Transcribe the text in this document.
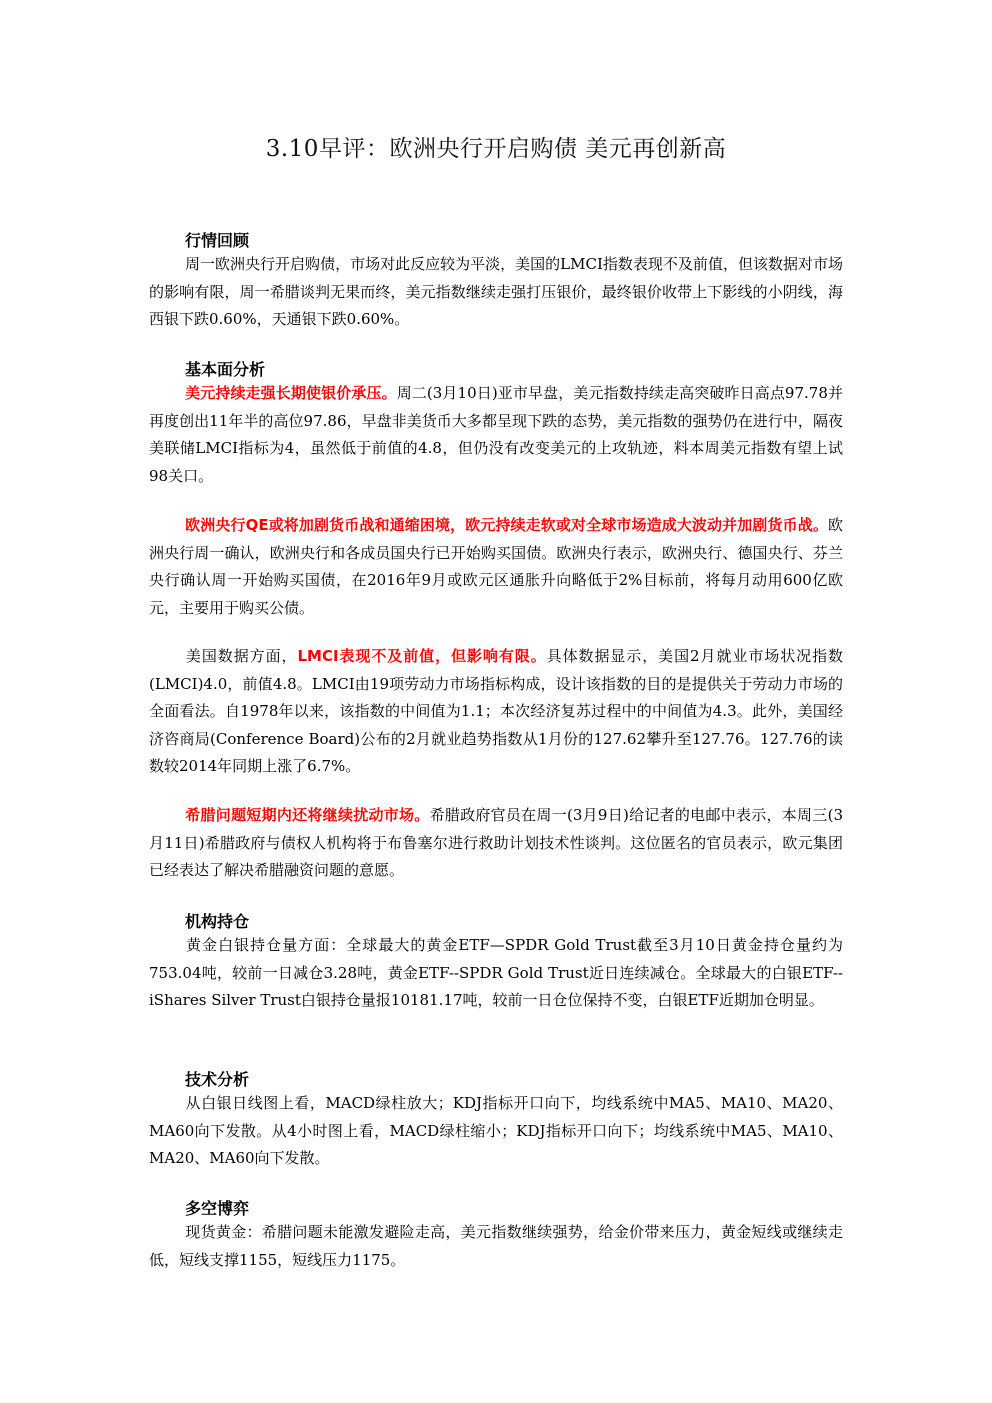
3.10早评：欧洲央行开启购债 美元再创新高
行情回顾
周一欧洲央行开启购债，市场对此反应较为平淡，美国的LMCI指数表现不及前值，但该数据对市场的影响有限，周一希腊谈判无果而终，美元指数继续走强打压银价，最终银价收带上下影线的小阴线，海西银下跌0.60%，天通银下跌0.60%。
基本面分析
美元持续走强长期使银价承压。周二(3月10日)亚市早盘，美元指数持续走高突破昨日高点97.78并再度创出11年半的高位97.86，早盘非美货币大多都呈现下跌的态势，美元指数的强势仍在进行中，隔夜美联储LMCI指标为4，虽然低于前值的4.8，但仍没有改变美元的上攻轨迹，料本周美元指数有望上试98关口。
欧洲央行QE或将加剧货币战和通缩困境，欧元持续走软或对全球市场造成大波动并加剧货币战。欧洲央行周一确认，欧洲央行和各成员国央行已开始购买国债。欧洲央行表示，欧洲央行、德国央行、芬兰央行确认周一开始购买国债，在2016年9月或欧元区通胀升向略低于2%目标前，将每月动用600亿欧元，主要用于购买公债。
美国数据方面，LMCI表现不及前值，但影响有限。具体数据显示，美国2月就业市场状况指数(LMCI)4.0，前值4.8。LMCI由19项劳动力市场指标构成，设计该指数的目的是提供关于劳动力市场的全面看法。自1978年以来，该指数的中间值为1.1；本次经济复苏过程中的中间值为4.3。此外，美国经济咨商局(Conference Board)公布的2月就业趋势指数从1月份的127.62攀升至127.76。127.76的读数较2014年同期上涨了6.7%。
希腊问题短期内还将继续扰动市场。希腊政府官员在周一(3月9日)给记者的电邮中表示，本周三(3月11日)希腊政府与债权人机构将于布鲁塞尔进行救助计划技术性谈判。这位匿名的官员表示，欧元集团已经表达了解决希腊融资问题的意愿。
机构持仓
黄金白银持仓量方面：全球最大的黄金ETF—SPDR Gold Trust截至3月10日黄金持仓量约为753.04吨，较前一日减仓3.28吨，黄金ETF--SPDR Gold Trust近日连续减仓。全球最大的白银ETF--iShares Silver Trust白银持仓量报10181.17吨，较前一日仓位保持不变，白银ETF近期加仓明显。
技术分析
从白银日线图上看，MACD绿柱放大；KDJ指标开口向下，均线系统中MA5、MA10、MA20、MA60向下发散。从4小时图上看，MACD绿柱缩小；KDJ指标开口向下；均线系统中MA5、MA10、MA20、MA60向下发散。
多空博弈
现货黄金：希腊问题未能激发避险走高，美元指数继续强势，给金价带来压力，黄金短线或继续走低，短线支撑1155，短线压力1175。
